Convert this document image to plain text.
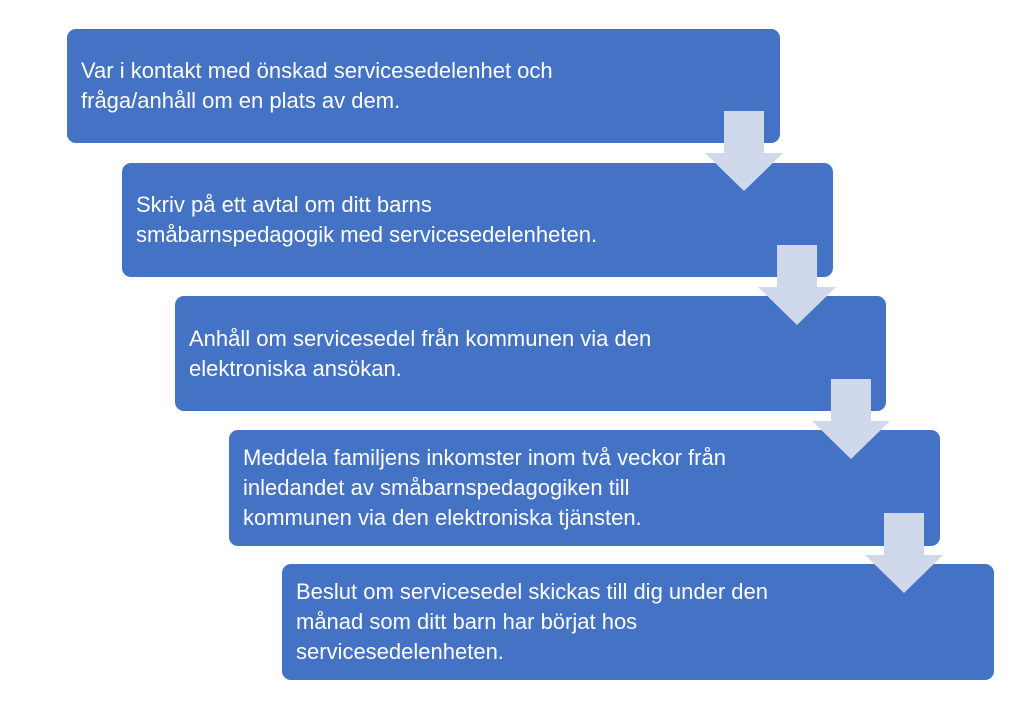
Var i kontakt med önskad servicesedelenhet och
fråga/anhåll om en plats av dem.
Skriv på ett avtal om ditt barns
småbarnspedagogik med servicesedelenheten.
Anhåll om servicesedel från kommunen via den
elektroniska ansökan.
Meddela familjens inkomster inom två veckor från
inledandet av småbarnspedagogiken till
kommunen via den elektroniska tjänsten.
Beslut om servicesedel skickas till dig under den
månad som ditt barn har börjat hos
servicesedelenheten.
